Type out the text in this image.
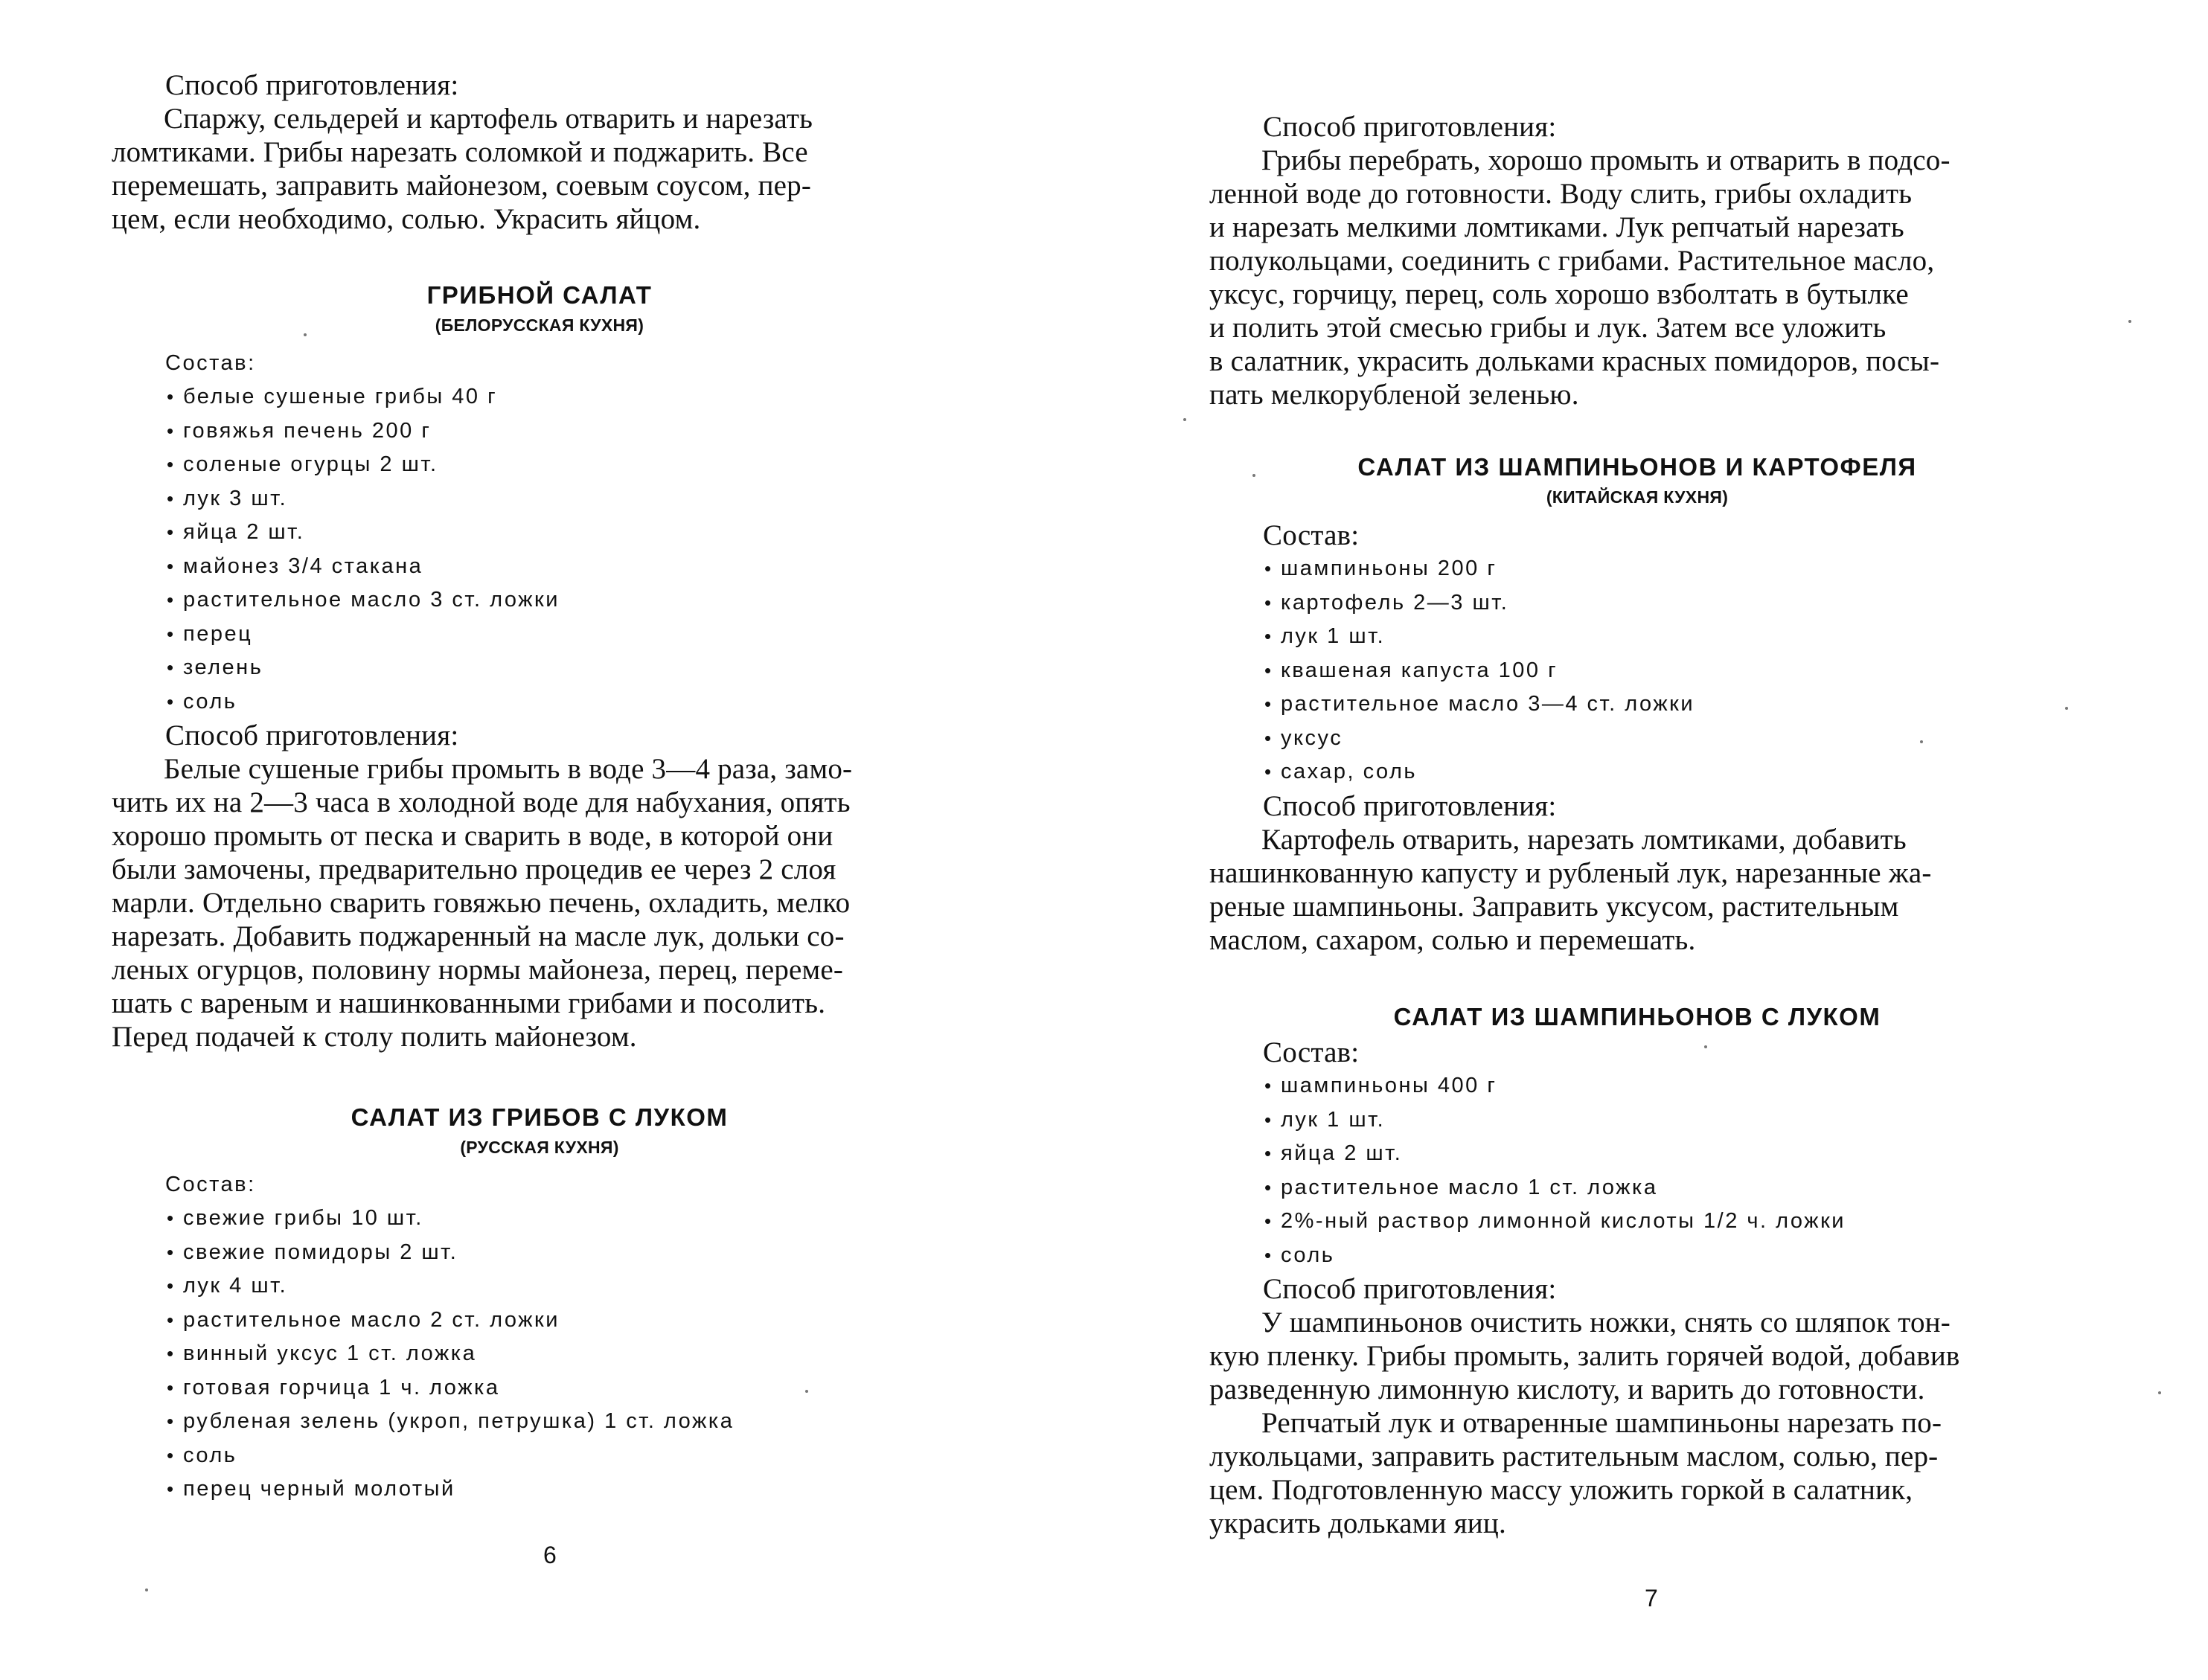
Способ приготовления:

Спаржу, сельдерей и картофель отварить и нарезать

ломтиками. Грибы нарезать соломкой и поджарить. Все

перемешать, заправить майонезом, соевым соусом, пер-

цем, если необходимо, солью. Украсить яйцом.

ГРИБНОЙ САЛАТ

(БЕЛОРУССКАЯ КУХНЯ)

Состав:

• белые сушеные грибы 40 г
• говяжья печень 200 г
• соленые огурцы 2 шт.
• лук 3 шт.
• яйца 2 шт.
• майонез 3/4 стакана
• растительное масло 3 ст. ложки
• перец
• зелень
• соль

Способ приготовления:

Белые сушеные грибы промыть в воде 3—4 раза, замо-

чить их на 2—3 часа в холодной воде для набухания, опять

хорошо промыть от песка и сварить в воде, в которой они

были замочены, предварительно процедив ее через 2 слоя

марли. Отдельно сварить говяжью печень, охладить, мелко

нарезать. Добавить поджаренный на масле лук, дольки со-

леных огурцов, половину нормы майонеза, перец, переме-

шать с вареным и нашинкованными грибами и посолить.

Перед подачей к столу полить майонезом.

САЛАТ ИЗ ГРИБОВ С ЛУКОМ

(РУССКАЯ КУХНЯ)

Состав:

• свежие грибы 10 шт.
• свежие помидоры 2 шт.
• лук 4 шт.
• растительное масло 2 ст. ложки
• винный уксус 1 ст. ложка
• готовая горчица 1 ч. ложка
• рубленая зелень (укроп, петрушка) 1 ст. ложка
• соль
• перец черный молотый
6

Способ приготовления:

Грибы перебрать, хорошо промыть и отварить в подсо-

ленной воде до готовности. Воду слить, грибы охладить

и нарезать мелкими ломтиками. Лук репчатый нарезать

полукольцами, соединить с грибами. Растительное масло,

уксус, горчицу, перец, соль хорошо взболтать в бутылке

и полить этой смесью грибы и лук. Затем все уложить

в салатник, украсить дольками красных помидоров, посы-

пать мелкорубленой зеленью.

САЛАТ ИЗ ШАМПИНЬОНОВ И КАРТОФЕЛЯ

(КИТАЙСКАЯ КУХНЯ)

Состав:

• шампиньоны 200 г
• картофель 2—3 шт.
• лук 1 шт.
• квашеная капуста 100 г
• растительное масло 3—4 ст. ложки
• уксус
• сахар, соль

Способ приготовления:

Картофель отварить, нарезать ломтиками, добавить

нашинкованную капусту и рубленый лук, нарезанные жа-

реные шампиньоны. Заправить уксусом, растительным

маслом, сахаром, солью и перемешать.

САЛАТ ИЗ ШАМПИНЬОНОВ С ЛУКОМ

Состав:

• шампиньоны 400 г
• лук 1 шт.
• яйца 2 шт.
• растительное масло 1 ст. ложка
• 2%-ный раствор лимонной кислоты 1/2 ч. ложки
• соль

Способ приготовления:

У шампиньонов очистить ножки, снять со шляпок тон-

кую пленку. Грибы промыть, залить горячей водой, добавив

разведенную лимонную кислоту, и варить до готовности.

Репчатый лук и отваренные шампиньоны нарезать по-

лукольцами, заправить растительным маслом, солью, пер-

цем. Подготовленную массу уложить горкой в салатник,

украсить дольками яиц.

7
